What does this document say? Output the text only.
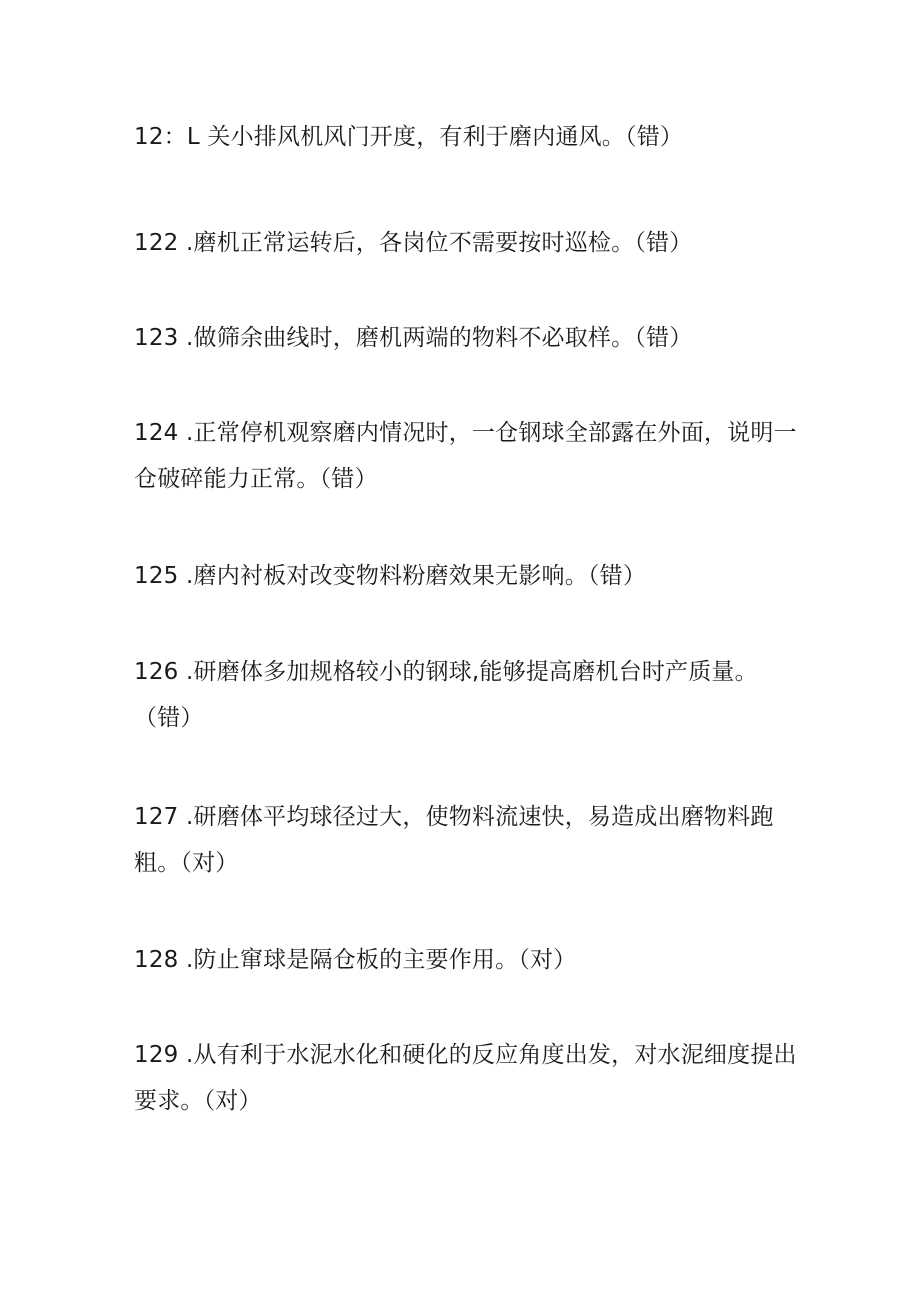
12：L 关小排风机风门开度，有利于磨内通风。（错）
122 .磨机正常运转后，各岗位不需要按时巡检。（错）
123 .做筛余曲线时，磨机两端的物料不必取样。（错）
124 .正常停机观察磨内情况时，一仓钢球全部露在外面，说明一仓破碎能力正常。（错）
125 .磨内衬板对改变物料粉磨效果无影响。（错）
126 .研磨体多加规格较小的钢球,能够提高磨机台时产质量。（错）
127 .研磨体平均球径过大，使物料流速快，易造成出磨物料跑粗。（对）
128 .防止窜球是隔仓板的主要作用。（对）
129 .从有利于水泥水化和硬化的反应角度出发，对水泥细度提出要求。（对）
